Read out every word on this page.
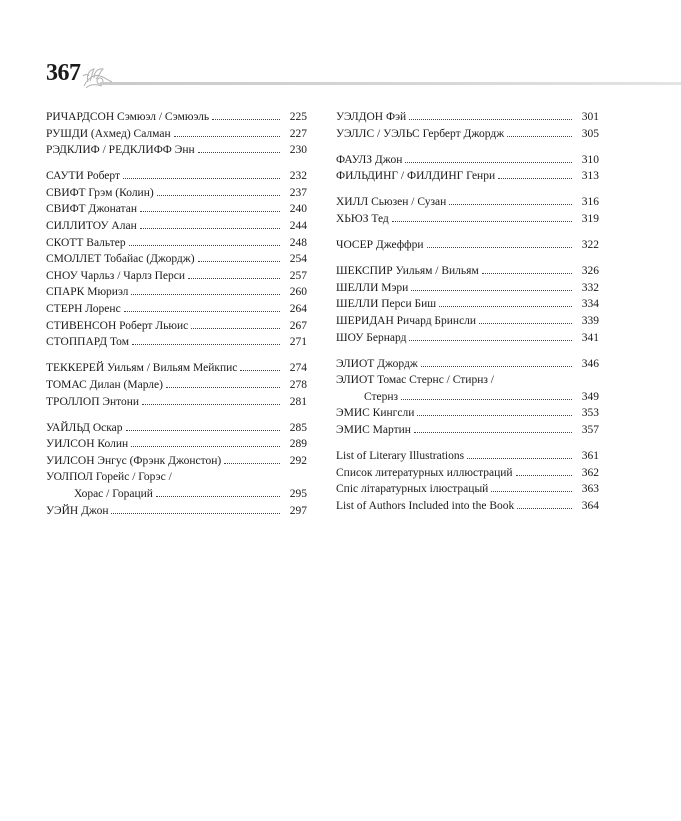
367
РИЧАРДСОН Сэмюэл / Сэмюэль	225
РУШДИ (Ахмед) Салман	227
РЭДКЛИФ / РЕДКЛИФФ Энн	230
САУТИ Роберт	232
СВИФТ Грэм (Колин)	237
СВИФТ Джонатан	240
СИЛЛИТОУ Алан	244
СКОТТ Вальтер	248
СМОЛЛЕТ Тобайас (Джордж)	254
СНОУ Чарльз / Чарлз Перси	257
СПАРК Мюриэл	260
СТЕРН Лоренс	264
СТИВЕНСОН Роберт Льюис	267
СТОППАРД Том	271
ТЕККЕРЕЙ Уильям / Вильям Мейкпис	274
ТОМАС Дилан (Марле)	278
ТРОЛЛОП Энтони	281
УАЙЛЬД Оскар	285
УИЛСОН Колин	289
УИЛСОН Энгус (Фрэнк Джонстон)	292
УОЛПОЛ Горейс / Горэс /
Хорас / Гораций	295
УЭЙН Джон	297
УЭЛДОН Фэй	301
УЭЛЛС / УЭЛЬС Герберт Джордж	305
ФАУЛЗ Джон	310
ФИЛЬДИНГ / ФИЛДИНГ Генри	313
ХИЛЛ Сьюзен / Сузан	316
ХЬЮЗ Тед	319
ЧОСЕР Джеффри	322
ШЕКСПИР Уильям / Вильям	326
ШЕЛЛИ Мэри	332
ШЕЛЛИ Перси Биш	334
ШЕРИДАН Ричард Бринсли	339
ШОУ Бернард	341
ЭЛИОТ Джордж	346
ЭЛИОТ Томас Стернс / Стирнз /
Стернз	349
ЭМИС Кингсли	353
ЭМИС Мартин	357
List of Literary Illustrations	361
Список литературных иллюстраций	362
Спіс літаратурных ілюстрацый	363
List of Authors Included into the Book	364
